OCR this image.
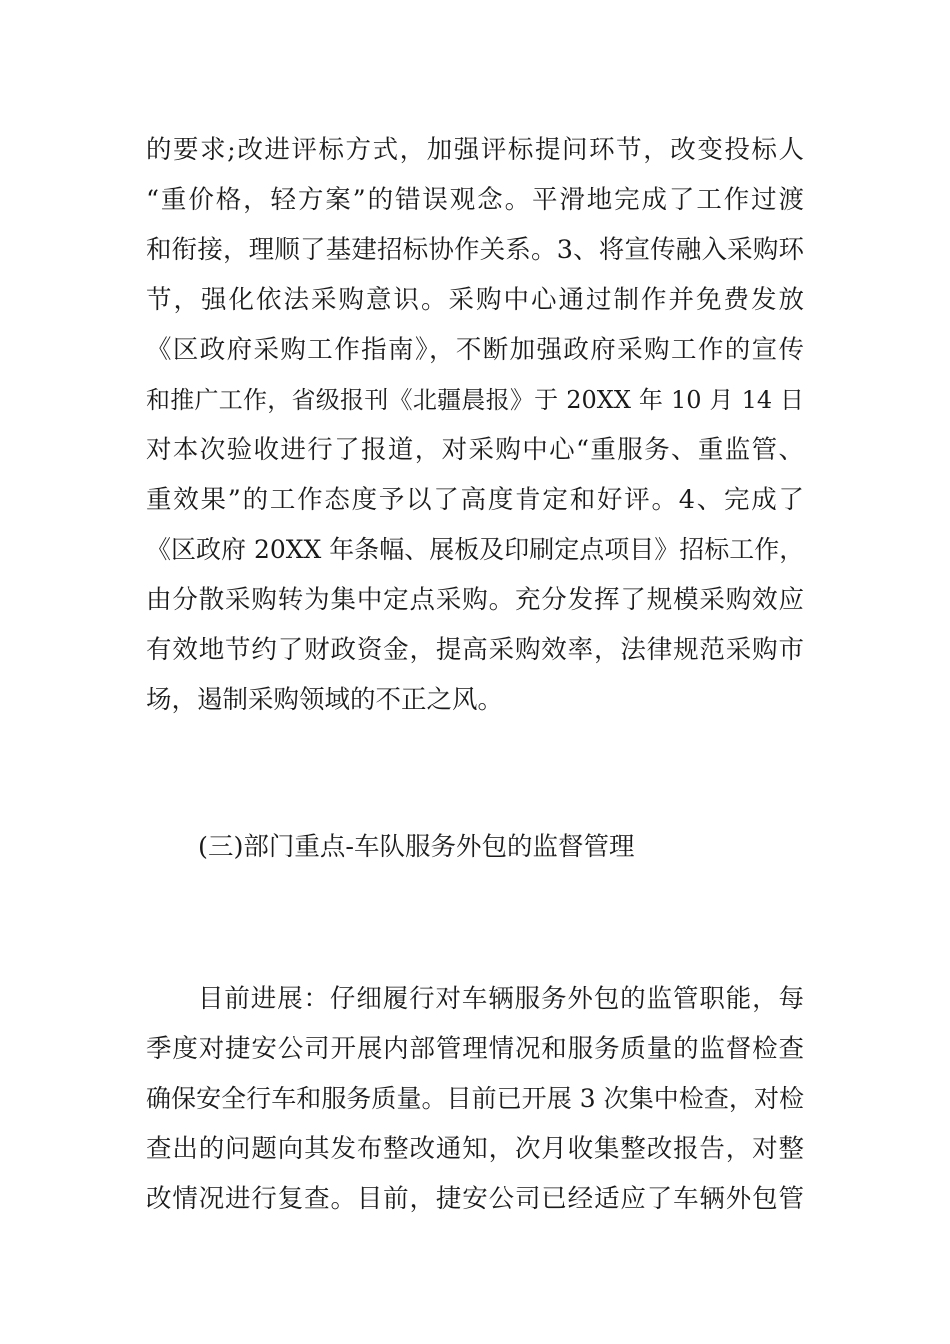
的要求;改进评标方式，加强评标提问环节，改变投标人
“重价格，轻方案”的错误观念。平滑地完成了工作过渡
和衔接，理顺了基建招标协作关系。3、将宣传融入采购环
节，强化依法采购意识。采购中心通过制作并免费发放
《区政府采购工作指南》，不断加强政府采购工作的宣传
和推广工作，省级报刊《北疆晨报》于 20XX 年 10 月 14 日
对本次验收进行了报道，对采购中心“重服务、重监管、
重效果”的工作态度予以了高度肯定和好评。4、完成了
《区政府 20XX 年条幅、展板及印刷定点项目》招标工作，
由分散采购转为集中定点采购。充分发挥了规模采购效应
有效地节约了财政资金，提高采购效率，法律规范采购市
场，遏制采购领域的不正之风。
(三)部门重点-车队服务外包的监督管理
目前进展：仔细履行对车辆服务外包的监管职能，每
季度对捷安公司开展内部管理情况和服务质量的监督检查
确保安全行车和服务质量。目前已开展 3 次集中检查，对检
查出的问题向其发布整改通知，次月收集整改报告，对整
改情况进行复查。目前，捷安公司已经适应了车辆外包管
